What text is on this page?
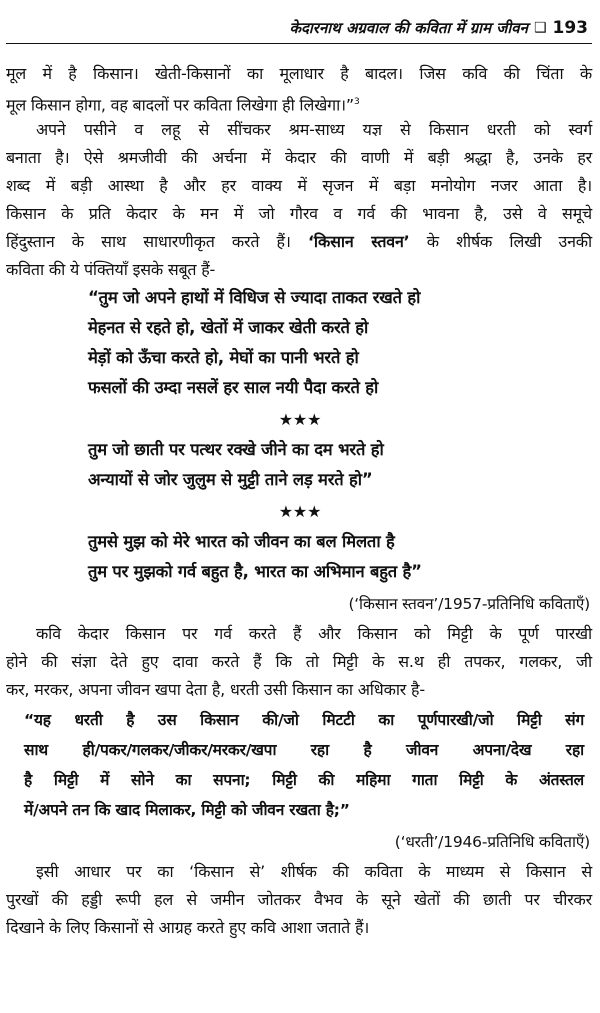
केदारनाथ अग्रवाल की कविता में ग्राम जीवन ❑ 193
मूल में है किसान। खेती-किसानों का मूलाधार है बादल। जिस कवि की चिंता के
मूल किसान होगा, वह बादलों पर कविता लिखेगा ही लिखेगा।”$^3$
अपने पसीने व लहू से सींचकर श्रम-साध्य यज्ञ से किसान धरती को स्वर्ग
बनाता है। ऐसे श्रमजीवी की अर्चना में केदार की वाणी में बड़ी श्रद्धा है, उनके हर
शब्द में बड़ी आस्था है और हर वाक्य में सृजन में बड़ा मनोयोग नजर आता है।
किसान के प्रति केदार के मन में जो गौरव व गर्व की भावना है, उसे वे समूचे
हिंदुस्तान के साथ साधारणीकृत करते हैं। ‘किसान स्तवन’ के शीर्षक लिखी उनकी
कविता की ये पंक्तियाँ इसके सबूत हैं-
“तुम जो अपने हाथों में विधिज से ज्यादा ताकत रखते हो
मेहनत से रहते हो, खेतों में जाकर खेती करते हो
मेड़ों को ऊँचा करते हो, मेघों का पानी भरते हो
फसलों की उम्दा नसलें हर साल नयी पैदा करते हो
★★★
तुम जो छाती पर पत्थर रक्खे जीने का दम भरते हो
अन्यायों से जोर जुलुम से मुट्टी ताने लड़ मरते हो”
★★★
तुमसे मुझ को मेरे भारत को जीवन का बल मिलता है
तुम पर मुझको गर्व बहुत है, भारत का अभिमान बहुत है”
(‘किसान स्तवन’/1957-प्रतिनिधि कविताएँ)
कवि केदार किसान पर गर्व करते हैं और किसान को मिट्टी के पूर्ण पारखी
होने की संज्ञा देते हुए दावा करते हैं कि तो मिट्टी के स.थ ही तपकर, गलकर, जी
कर, मरकर, अपना जीवन खपा देता है, धरती उसी किसान का अधिकार है-
“यह धरती है उस किसान की/जो मिटटी का पूर्णपारखी/जो मिट्टी संग
साथ ही/पकर/गलकर/जीकर/मरकर/खपा रहा है जीवन अपना/देख रहा
है मिट्टी में सोने का सपना; मिट्टी की महिमा गाता मिट्टी के अंतस्तल
में/अपने तन कि खाद मिलाकर, मिट्टी को जीवन रखता है;”
(‘धरती’/1946-प्रतिनिधि कविताएँ)
इसी आधार पर का ‘किसान से’ शीर्षक की कविता के माध्यम से किसान से
पुरखों की हड्डी रूपी हल से जमीन जोतकर वैभव के सूने खेतों की छाती पर चीरकर
दिखाने के लिए किसानों से आग्रह करते हुए कवि आशा जताते हैं।
